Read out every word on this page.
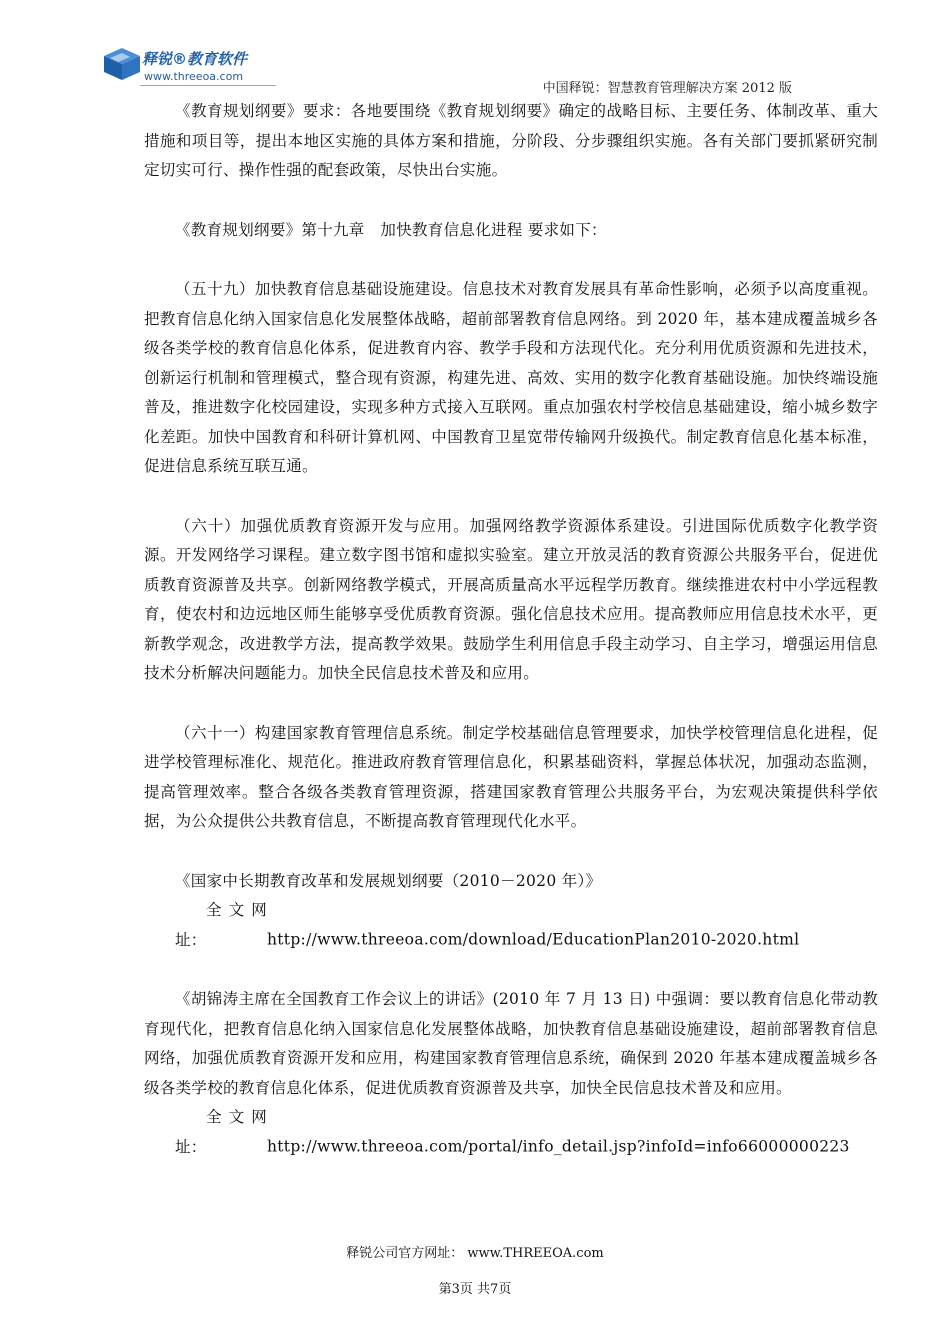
释锐®教育软件
www.threeoa.com
中国释锐：智慧教育管理解决方案 2012 版

《教育规划纲要》要求：各地要围绕《教育规划纲要》确定的战略目标、主要任务、体制改革、重大措施和项目等，提出本地区实施的具体方案和措施，分阶段、分步骤组织实施。各有关部门要抓紧研究制定切实可行、操作性强的配套政策，尽快出台实施。

《教育规划纲要》第十九章　加快教育信息化进程 要求如下：

（五十九）加快教育信息基础设施建设。信息技术对教育发展具有革命性影响，必须予以高度重视。把教育信息化纳入国家信息化发展整体战略，超前部署教育信息网络。到 2020 年，基本建成覆盖城乡各级各类学校的教育信息化体系，促进教育内容、教学手段和方法现代化。充分利用优质资源和先进技术，创新运行机制和管理模式，整合现有资源，构建先进、高效、实用的数字化教育基础设施。加快终端设施普及，推进数字化校园建设，实现多种方式接入互联网。重点加强农村学校信息基础建设，缩小城乡数字化差距。加快中国教育和科研计算机网、中国教育卫星宽带传输网升级换代。制定教育信息化基本标准，促进信息系统互联互通。

（六十）加强优质教育资源开发与应用。加强网络教学资源体系建设。引进国际优质数字化教学资源。开发网络学习课程。建立数字图书馆和虚拟实验室。建立开放灵活的教育资源公共服务平台，促进优质教育资源普及共享。创新网络教学模式，开展高质量高水平远程学历教育。继续推进农村中小学远程教育，使农村和边远地区师生能够享受优质教育资源。强化信息技术应用。提高教师应用信息技术水平，更新教学观念，改进教学方法，提高教学效果。鼓励学生利用信息手段主动学习、自主学习，增强运用信息技术分析解决问题能力。加快全民信息技术普及和应用。

（六十一）构建国家教育管理信息系统。制定学校基础信息管理要求，加快学校管理信息化进程，促进学校管理标准化、规范化。推进政府教育管理信息化，积累基础资料，掌握总体状况，加强动态监测，提高管理效率。整合各级各类教育管理资源，搭建国家教育管理公共服务平台，为宏观决策提供科学依据，为公众提供公共教育信息，不断提高教育管理现代化水平。

《国家中长期教育改革和发展规划纲要（2010－2020 年）》

全文网址：	http://www.threeoa.com/download/EducationPlan2010-2020.html

《胡锦涛主席在全国教育工作会议上的讲话》(2010 年 7 月 13 日) 中强调：要以教育信息化带动教育现代化，把教育信息化纳入国家信息化发展整体战略，加快教育信息基础设施建设，超前部署教育信息网络，加强优质教育资源开发和应用，构建国家教育管理信息系统，确保到 2020 年基本建成覆盖城乡各级各类学校的教育信息化体系，促进优质教育资源普及共享，加快全民信息技术普及和应用。

全文网址：	http://www.threeoa.com/portal/info_detail.jsp?infoId=info66000000223

释锐公司官方网址： www.THREEOA.com
第3页 共7页
